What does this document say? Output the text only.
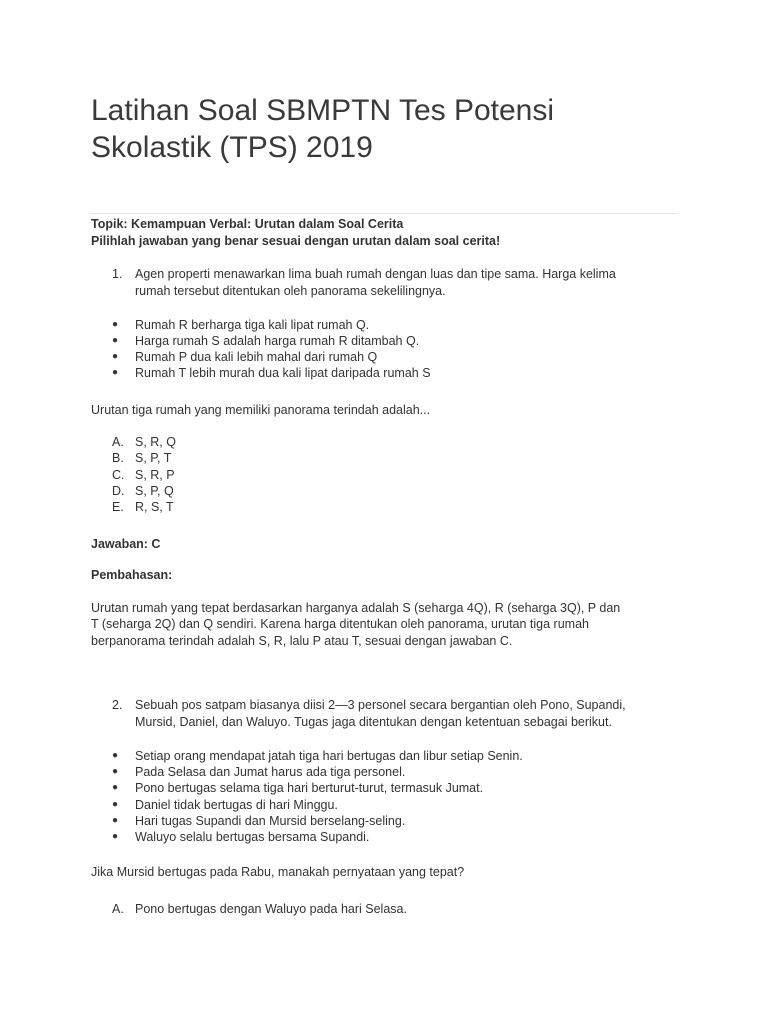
Latihan Soal SBMPTN Tes Potensi Skolastik (TPS) 2019
Topik: Kemampuan Verbal: Urutan dalam Soal Cerita
Pilihlah jawaban yang benar sesuai dengan urutan dalam soal cerita!
1. Agen properti menawarkan lima buah rumah dengan luas dan tipe sama. Harga kelima
rumah tersebut ditentukan oleh panorama sekelilingnya.
● Rumah R berharga tiga kali lipat rumah Q.
● Harga rumah S adalah harga rumah R ditambah Q.
● Rumah P dua kali lebih mahal dari rumah Q
● Rumah T lebih murah dua kali lipat daripada rumah S
Urutan tiga rumah yang memiliki panorama terindah adalah...
A. S, R, Q
B. S, P, T
C. S, R, P
D. S, P, Q
E. R, S, T
Jawaban: C
Pembahasan:
Urutan rumah yang tepat berdasarkan harganya adalah S (seharga 4Q), R (seharga 3Q), P dan
T (seharga 2Q) dan Q sendiri. Karena harga ditentukan oleh panorama, urutan tiga rumah
berpanorama terindah adalah S, R, lalu P atau T, sesuai dengan jawaban C.
2. Sebuah pos satpam biasanya diisi 2—3 personel secara bergantian oleh Pono, Supandi,
Mursid, Daniel, dan Waluyo. Tugas jaga ditentukan dengan ketentuan sebagai berikut.
● Setiap orang mendapat jatah tiga hari bertugas dan libur setiap Senin.
● Pada Selasa dan Jumat harus ada tiga personel.
● Pono bertugas selama tiga hari berturut-turut, termasuk Jumat.
● Daniel tidak bertugas di hari Minggu.
● Hari tugas Supandi dan Mursid berselang-seling.
● Waluyo selalu bertugas bersama Supandi.
Jika Mursid bertugas pada Rabu, manakah pernyataan yang tepat?
A. Pono bertugas dengan Waluyo pada hari Selasa.
